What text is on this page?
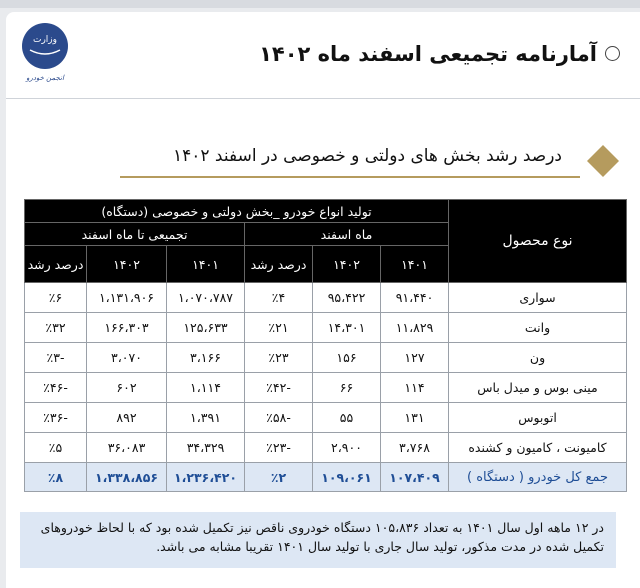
وزارت
انجمن خودرو
آمارنامه تجمیعی اسفند ماه ۱۴۰۲
درصد رشد بخش های دولتی و خصوصی در اسفند ۱۴۰۲
نوع محصول	تولید انواع خودرو _بخش دولتی و خصوصی (دستگاه)					
	ماه اسفند			تجمیعی تا ماه اسفند		
	۱۴۰۱	۱۴۰۲	درصد رشد	۱۴۰۱	۱۴۰۲	درصد رشد
سواری	۹۱،۴۴۰	۹۵،۴۲۲	٪۴	۱،۰۷۰،۷۸۷	۱،۱۳۱،۹۰۶	٪۶
وانت	۱۱،۸۲۹	۱۴،۳۰۱	٪۲۱	۱۲۵،۶۳۳	۱۶۶،۳۰۳	٪۳۲
ون	۱۲۷	۱۵۶	٪۲۳	۳،۱۶۶	۳،۰۷۰	-٪۳
مینی بوس و میدل باس	۱۱۴	۶۶	-٪۴۲	۱،۱۱۴	۶۰۲	-٪۴۶
اتوبوس	۱۳۱	۵۵	-٪۵۸	۱،۳۹۱	۸۹۲	-٪۳۶
کامیونت ، کامیون و کشنده	۳،۷۶۸	۲،۹۰۰	-٪۲۳	۳۴،۳۲۹	۳۶،۰۸۳	٪۵
جمع کل خودرو ( دستگاه )	۱۰۷،۴۰۹	۱۰۹،۰۶۱	٪۲	۱،۲۳۶،۴۲۰	۱،۳۳۸،۸۵۶	٪۸
در ۱۲ ماهه اول سال ۱۴۰۱ به تعداد ۱۰۵،۸۳۶ دستگاه خودروی ناقص نیز تکمیل شده بود که با لحاظ خودروهای تکمیل شده در مدت مذکور، تولید سال جاری با تولید سال ۱۴۰۱ تقریبا مشابه می باشد.
